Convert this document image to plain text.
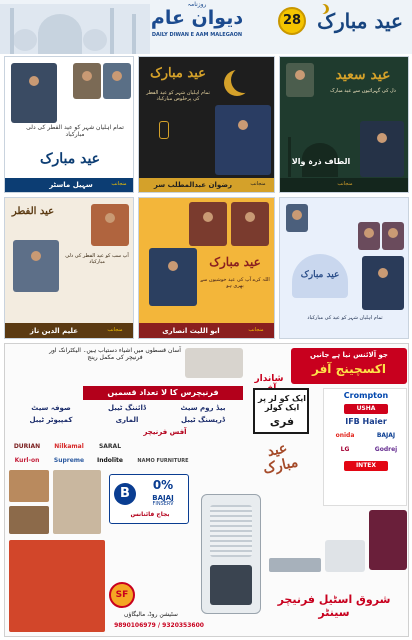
روزنامہ
دیوان عام
DAILY DIWAN E AAM MALEGAON
28 عید مبارک
تمام اہلیان شہر کو عید الفطر کی دلی مبارکباد
عید مبارک
سہیل ماسٹر	منجانب
عید مبارک
تمام اہلیان شہر کو عید الفطر کی پرخلوص مبارکباد
رضوان عبدالمطلب سر	منجانب
عید سعید
دل کی گہرائیوں سے عید مبارک
الطاف ذرہ والا
منجانب
عید الفطر
آپ سب کو عید الفطر کی دلی مبارکباد
علیم الدین ناز	منجانب
عید مبارک
اللہ کرے آپ کی عید خوشیوں سے بھری ہو
ابو اللیث انصاری	منجانب
عید مبارک
تمام اہلیان شہر کو عید کی مبارکباد
آسان قسطوں میں اشیاء دستیاب ہیں۔ الیکٹرانک اور فرنیچر کی مکمل رینج
فرنیچرس کا لا تعداد قسمیں
بیڈ روم سیٹ
ڈائننگ ٹیبل
صوفہ سیٹ
ڈریسنگ ٹیبل
الماری
کمپیوٹر ٹیبل
آفس فرنیچر
DURIAN
Kurl-on	Supreme
Nilkamal	SARAL
Indolite	NAMO FURNITURE
B
0%
BAJAJ
FINSERV
بجاج فائنانس
جو آلائنس نیا ہے جانیں
اکسچینج آفر
شاندار
ایک کو لر پر ایک کولر
فری
عید مبارک
Crompton
USHA
IFB Haier
onida	BAJAJ
LG	Godrej
INTEX
SF
سٹیشن روڈ، مالیگاؤں
9890106979 / 9320353600
شروق اسٹیل فرنیچر سینٹر
